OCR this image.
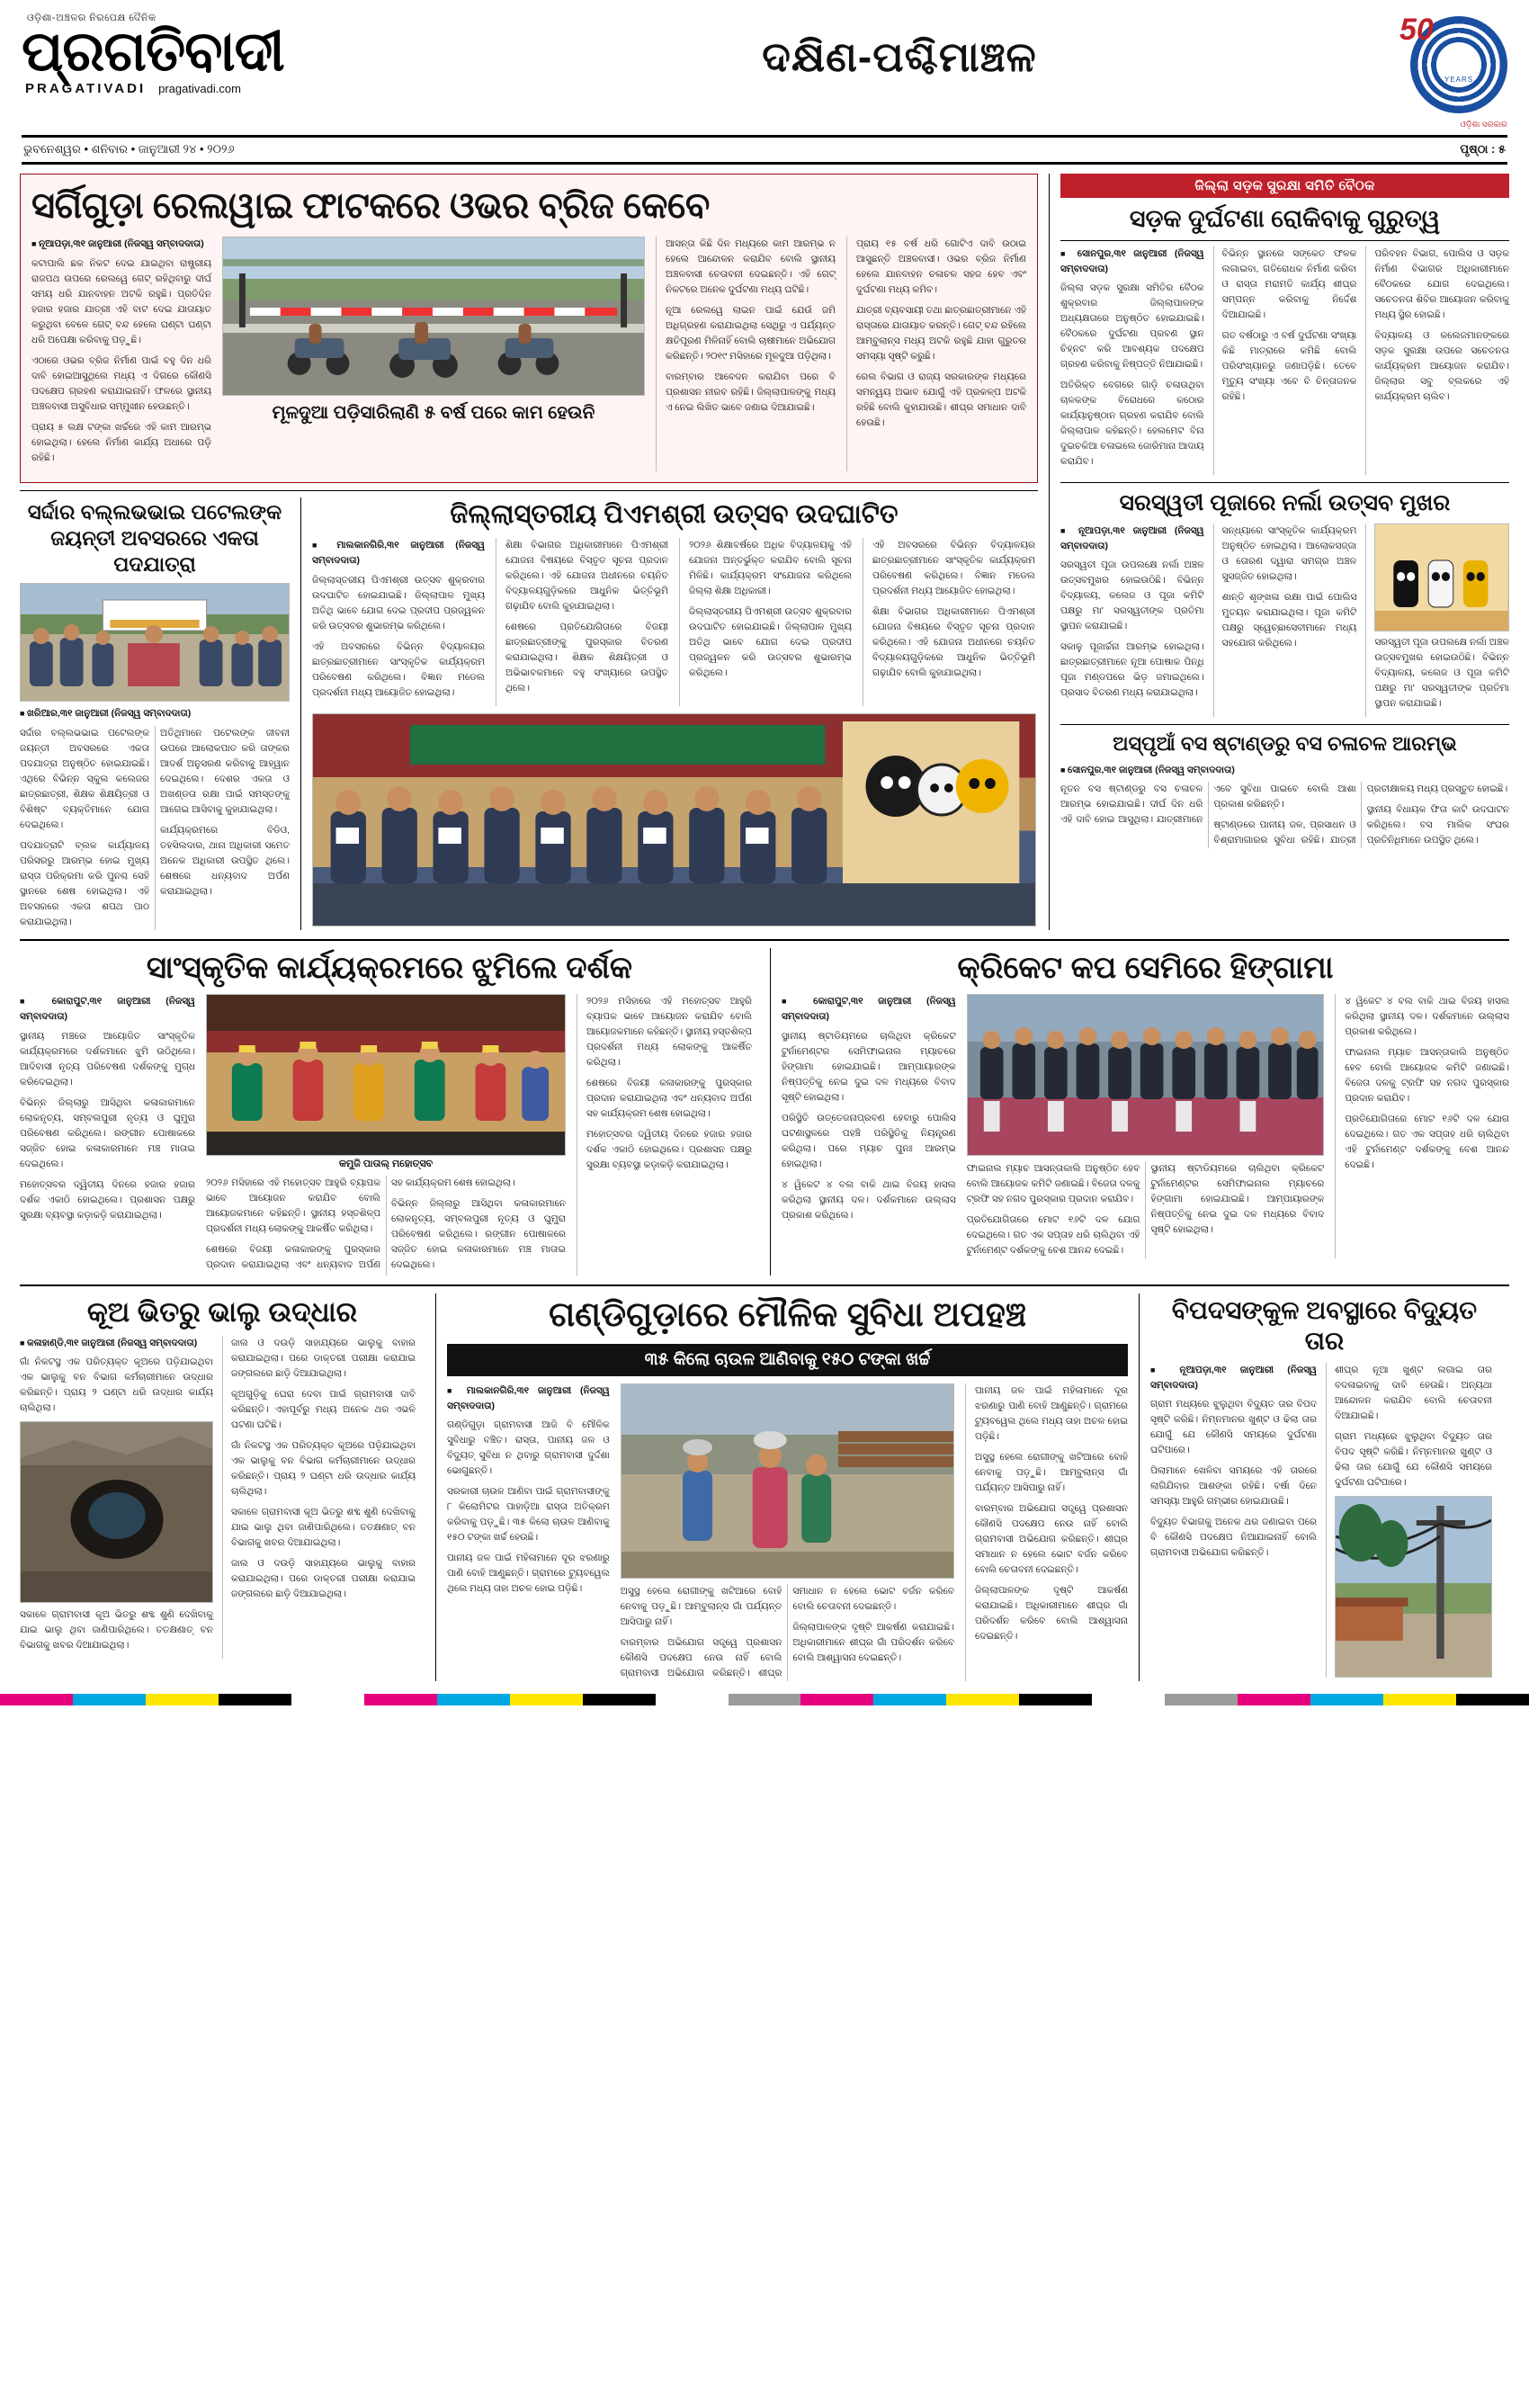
ଓଡ଼ିଶା-ଅଞ୍ଚଳର ନିରପେକ୍ଷ ଦୈନିକ
ପ୍ରଗତିବାଦୀ
PRAGATIVADI pragativadi.com
ଦକ୍ଷିଣ-ପଶ୍ଚିମାଞ୍ଚଳ
50
YEARS
ଓଡ଼ିଶା ସରକାର
ଭୁବନେଶ୍ୱର • ଶନିବାର • ଜାନୁଆରୀ ୨୪ • ୨୦୨୬	ପୃଷ୍ଠା : ୫
ସର୍ଗିଗୁଡ଼ା ରେଲୱାଇ ଫାଟକରେ ଓଭର ବ୍ରିଜ କେବେ
■ ନୂଆପଡ଼ା,୩୧ ଜାନୁଆରୀ (ନିଜସ୍ୱ ସମ୍ବାଦଦାତା)

କଟାପାଲି ଛକ ନିକଟ ଦେଇ ଯାଇଥିବା ରାଷ୍ଟ୍ରୀୟ ରାଜପଥ ଉପରେ ରେଲୱେ ଗେଟ୍ ରହିଥିବାରୁ ଦୀର୍ଘ ସମୟ ଧରି ଯାନବାହନ ଅଟକି ରହୁଛି। ପ୍ରତିଦିନ ହଜାର ହଜାର ଯାତ୍ରୀ ଏହି ବାଟ ଦେଇ ଯାତାୟାତ କରୁଥିବା ବେଳେ ଗେଟ୍ ବନ୍ଦ ହେଲେ ଘଣ୍ଟା ଘଣ୍ଟା ଧରି ଅପେକ୍ଷା କରିବାକୁ ପଡ଼ୁଛି।

ଏଠାରେ ଓଭର ବ୍ରିଜ ନିର୍ମାଣ ପାଇଁ ବହୁ ଦିନ ଧରି ଦାବି ହୋଇଆସୁଥିଲେ ମଧ୍ୟ ଏ ଦିଗରେ କୌଣସି ପଦକ୍ଷେପ ଗ୍ରହଣ କରାଯାଇନାହିଁ। ଫଳରେ ସ୍ଥାନୀୟ ଅଞ୍ଚଳବାସୀ ଅସୁବିଧାର ସମ୍ମୁଖୀନ ହେଉଛନ୍ତି।

ପ୍ରାୟ ୫ ଲକ୍ଷ ଟଙ୍କା ଖର୍ଚ୍ଚରେ ଏହି କାମ ଆରମ୍ଭ ହୋଇଥିଲା। ହେଲେ ନିର୍ମାଣ କାର୍ଯ୍ୟ ଅଧାରେ ପଡ଼ି ରହିଛି।

ମୂଳଦୁଆ ପଡ଼ିସାରିଲାଣି ୫ ବର୍ଷ ପରେ କାମ ହେଉନି

ଆସନ୍ତା କିଛି ଦିନ ମଧ୍ୟରେ କାମ ଆରମ୍ଭ ନ ହେଲେ ଆନ୍ଦୋଳନ କରାଯିବ ବୋଲି ସ୍ଥାନୀୟ ଅଞ୍ଚଳବାସୀ ଚେତାବନୀ ଦେଇଛନ୍ତି। ଏହି ଗେଟ୍ ନିକଟରେ ଅନେକ ଦୁର୍ଘଟଣା ମଧ୍ୟ ଘଟିଛି।

ନୂଆ ରେଲୱେ ଲାଇନ ପାଇଁ ଯେଉଁ ଜମି ଅଧିଗ୍ରହଣ କରାଯାଇଥିଲା ସେଥିରୁ ଏ ପର୍ଯ୍ୟନ୍ତ କ୍ଷତିପୂରଣ ମିଳିନାହିଁ ବୋଲି ଚାଷୀମାନେ ଅଭିଯୋଗ କରିଛନ୍ତି। ୨୦୧୯ ମସିହାରେ ମୂଳଦୁଆ ପଡ଼ିଥିଲା।

ବାରମ୍ବାର ଆବେଦନ କରାଯିବା ପରେ ବି ପ୍ରଶାସନ ନୀରବ ରହିଛି। ଜିଲ୍ଲାପାଳଙ୍କୁ ମଧ୍ୟ ଏ ନେଇ ଲିଖିତ ଭାବେ ଜଣାଇ ଦିଆଯାଇଛି।

ପ୍ରାୟ ୧୫ ବର୍ଷ ଧରି ଗୋଟିଏ ଦାବି ଉଠାଇ ଆସୁଛନ୍ତି ଅଞ୍ଚଳବାସୀ। ଓଭର ବ୍ରିଜ ନିର୍ମାଣ ହେଲେ ଯାନବାହନ ଚଳାଚଳ ସହଜ ହେବ ଏବଂ ଦୁର୍ଘଟଣା ମଧ୍ୟ କମିବ।

ଯାତ୍ରୀ ବ୍ୟବସାୟୀ ତଥା ଛାତ୍ରଛାତ୍ରୀମାନେ ଏହି ରାସ୍ତାରେ ଯାତାୟାତ କରନ୍ତି। ଗେଟ୍ ବନ୍ଦ ରହିଲେ ଆମ୍ବୁଲାନ୍ସ ମଧ୍ୟ ଅଟକି ରହୁଛି ଯାହା ଗୁରୁତର ସମସ୍ୟା ସୃଷ୍ଟି କରୁଛି।

ରେଲ ବିଭାଗ ଓ ରାଜ୍ୟ ସରକାରଙ୍କ ମଧ୍ୟରେ ସମନ୍ୱୟ ଅଭାବ ଯୋଗୁଁ ଏହି ପ୍ରକଳ୍ପ ଅଟକି ରହିଛି ବୋଲି କୁହାଯାଉଛି। ଶୀଘ୍ର ସମାଧାନ ଦାବି ହେଉଛି।

ସର୍ଦ୍ଦାର ବଲ୍ଲଭଭାଇ ପଟେଲଙ୍କ ଜୟନ୍ତୀ ଅବସରରେ ଏକତା ପଦଯାତ୍ରା
■ ଖରିଆର,୩୧ ଜାନୁଆରୀ (ନିଜସ୍ୱ ସମ୍ବାଦଦାତା)

ସର୍ଦ୍ଦାର ବଲ୍ଲଭଭାଇ ପଟେଲଙ୍କ ଜୟନ୍ତୀ ଅବସରରେ ଏକତା ପଦଯାତ୍ରା ଅନୁଷ୍ଠିତ ହୋଇଯାଇଛି। ଏଥିରେ ବିଭିନ୍ନ ସ୍କୁଲ କଲେଜର ଛାତ୍ରଛାତ୍ରୀ, ଶିକ୍ଷକ ଶିକ୍ଷୟିତ୍ରୀ ଓ ବିଶିଷ୍ଟ ବ୍ୟକ୍ତିମାନେ ଯୋଗ ଦେଇଥିଲେ।

ପଦଯାତ୍ରାଟି ବ୍ଲକ କାର୍ଯ୍ୟାଳୟ ପରିସରରୁ ଆରମ୍ଭ ହୋଇ ମୁଖ୍ୟ ରାସ୍ତା ପରିକ୍ରମା କରି ପୁନଶ୍ଚ ସେହି ସ୍ଥାନରେ ଶେଷ ହୋଇଥିଲା। ଏହି ଅବସରରେ ଏକତା ଶପଥ ପାଠ କରାଯାଇଥିଲା।

ଅତିଥିମାନେ ପଟେଲଙ୍କ ଜୀବନୀ ଉପରେ ଆଲୋକପାତ କରି ତାଙ୍କର ଆଦର୍ଶ ଅନୁସରଣ କରିବାକୁ ଆହ୍ୱାନ ଦେଇଥିଲେ। ଦେଶର ଏକତା ଓ ଅଖଣ୍ଡତା ରକ୍ଷା ପାଇଁ ସମସ୍ତଙ୍କୁ ଆଗେଇ ଆସିବାକୁ କୁହାଯାଇଥିଲା।

କାର୍ଯ୍ୟକ୍ରମରେ ବିଡିଓ, ତହସିଲଦାର, ଥାନା ଅଧିକାରୀ ସମେତ ଅନେକ ଅଧିକାରୀ ଉପସ୍ଥିତ ଥିଲେ। ଶେଷରେ ଧନ୍ୟବାଦ ଅର୍ପଣ କରାଯାଇଥିଲା।

ଜିଲ୍ଲାସ୍ତରୀୟ ପିଏମଶ୍ରୀ ଉତ୍ସବ ଉଦଘାଟିତ
■ ମାଲକାନଗିରି,୩୧ ଜାନୁଆରୀ (ନିଜସ୍ୱ ସମ୍ବାଦଦାତା)

ଜିଲ୍ଲାସ୍ତରୀୟ ପିଏମଶ୍ରୀ ଉତ୍ସବ ଶୁକ୍ରବାର ଉଦଘାଟିତ ହୋଇଯାଇଛି। ଜିଲ୍ଲାପାଳ ମୁଖ୍ୟ ଅତିଥି ଭାବେ ଯୋଗ ଦେଇ ପ୍ରଦୀପ ପ୍ରଜ୍ୱଳନ କରି ଉତ୍ସବର ଶୁଭାରମ୍ଭ କରିଥିଲେ।

ଏହି ଅବସରରେ ବିଭିନ୍ନ ବିଦ୍ୟାଳୟର ଛାତ୍ରଛାତ୍ରୀମାନେ ସାଂସ୍କୃତିକ କାର୍ଯ୍ୟକ୍ରମ ପରିବେଷଣ କରିଥିଲେ। ବିଜ୍ଞାନ ମଡେଲ ପ୍ରଦର୍ଶନୀ ମଧ୍ୟ ଆୟୋଜିତ ହୋଇଥିଲା।

ଶିକ୍ଷା ବିଭାଗର ଅଧିକାରୀମାନେ ପିଏମଶ୍ରୀ ଯୋଜନା ବିଷୟରେ ବିସ୍ତୃତ ସୂଚନା ପ୍ରଦାନ କରିଥିଲେ। ଏହି ଯୋଜନା ଅଧୀନରେ ଚୟନିତ ବିଦ୍ୟାଳୟଗୁଡ଼ିକରେ ଆଧୁନିକ ଭିତ୍ତିଭୂମି ଗଢ଼ାଯିବ ବୋଲି କୁହାଯାଇଥିଲା।

ଶେଷରେ ପ୍ରତିଯୋଗିତାରେ ବିଜୟୀ ଛାତ୍ରଛାତ୍ରୀଙ୍କୁ ପୁରସ୍କାର ବିତରଣ କରାଯାଇଥିଲା। ଶିକ୍ଷକ ଶିକ୍ଷୟିତ୍ରୀ ଓ ଅଭିଭାବକମାନେ ବହୁ ସଂଖ୍ୟାରେ ଉପସ୍ଥିତ ଥିଲେ।

୨୦୨୬ ଶିକ୍ଷାବର୍ଷରେ ଅଧିକ ବିଦ୍ୟାଳୟକୁ ଏହି ଯୋଜନା ଅନ୍ତର୍ଭୁକ୍ତ କରାଯିବ ବୋଲି ସୂଚନା ମିଳିଛି। କାର୍ଯ୍ୟକ୍ରମ ସଂଯୋଜନା କରିଥିଲେ ଜିଲ୍ଲା ଶିକ୍ଷା ଅଧିକାରୀ।

ଜିଲ୍ଲାସ୍ତରୀୟ ପିଏମଶ୍ରୀ ଉତ୍ସବ ଶୁକ୍ରବାର ଉଦଘାଟିତ ହୋଇଯାଇଛି। ଜିଲ୍ଲାପାଳ ମୁଖ୍ୟ ଅତିଥି ଭାବେ ଯୋଗ ଦେଇ ପ୍ରଦୀପ ପ୍ରଜ୍ୱଳନ କରି ଉତ୍ସବର ଶୁଭାରମ୍ଭ କରିଥିଲେ।

ଏହି ଅବସରରେ ବିଭିନ୍ନ ବିଦ୍ୟାଳୟର ଛାତ୍ରଛାତ୍ରୀମାନେ ସାଂସ୍କୃତିକ କାର୍ଯ୍ୟକ୍ରମ ପରିବେଷଣ କରିଥିଲେ। ବିଜ୍ଞାନ ମଡେଲ ପ୍ରଦର୍ଶନୀ ମଧ୍ୟ ଆୟୋଜିତ ହୋଇଥିଲା।

ଶିକ୍ଷା ବିଭାଗର ଅଧିକାରୀମାନେ ପିଏମଶ୍ରୀ ଯୋଜନା ବିଷୟରେ ବିସ୍ତୃତ ସୂଚନା ପ୍ରଦାନ କରିଥିଲେ। ଏହି ଯୋଜନା ଅଧୀନରେ ଚୟନିତ ବିଦ୍ୟାଳୟଗୁଡ଼ିକରେ ଆଧୁନିକ ଭିତ୍ତିଭୂମି ଗଢ଼ାଯିବ ବୋଲି କୁହାଯାଇଥିଲା।

ଜିଲ୍ଲା ସଡ଼କ ସୁରକ୍ଷା ସମିତି ବୈଠକ
ସଡ଼କ ଦୁର୍ଘଟଣା ରୋକିବାକୁ ଗୁରୁତ୍ୱ
■ ସୋନପୁର,୩୧ ଜାନୁଆରୀ (ନିଜସ୍ୱ ସମ୍ବାଦଦାତା)

ଜିଲ୍ଲା ସଡ଼କ ସୁରକ୍ଷା ସମିତିର ବୈଠକ ଶୁକ୍ରବାର ଜିଲ୍ଲାପାଳଙ୍କ ଅଧ୍ୟକ୍ଷତାରେ ଅନୁଷ୍ଠିତ ହୋଇଯାଇଛି। ବୈଠକରେ ଦୁର୍ଘଟଣା ପ୍ରବଣ ସ୍ଥାନ ଚିହ୍ନଟ କରି ଆବଶ୍ୟକ ପଦକ୍ଷେପ ଗ୍ରହଣ କରିବାକୁ ନିଷ୍ପତ୍ତି ନିଆଯାଇଛି।

ଅତିରିକ୍ତ ବେଗରେ ଗାଡ଼ି ଚଳାଉଥିବା ଚାଳକଙ୍କ ବିରୋଧରେ କଠୋର କାର୍ଯ୍ୟାନୁଷ୍ଠାନ ଗ୍ରହଣ କରାଯିବ ବୋଲି ଜିଲ୍ଲାପାଳ କହିଛନ୍ତି। ହେଲମେଟ ବିନା ଦୁଇଚକିଆ ଚଳାଇଲେ ଜୋରିମାନା ଆଦାୟ କରାଯିବ।

ବିଭିନ୍ନ ସ୍ଥାନରେ ସଙ୍କେତ ଫଳକ ଲଗାଇବା, ଗତିରୋଧକ ନିର୍ମାଣ କରିବା ଓ ରାସ୍ତା ମରାମତି କାର୍ଯ୍ୟ ଶୀଘ୍ର ସମ୍ପନ୍ନ କରିବାକୁ ନିର୍ଦ୍ଦେଶ ଦିଆଯାଇଛି।

ଗତ ବର୍ଷଠାରୁ ଏ ବର୍ଷ ଦୁର୍ଘଟଣା ସଂଖ୍ୟା କିଛି ମାତ୍ରାରେ କମିଛି ବୋଲି ପରିସଂଖ୍ୟାନରୁ ଜଣାପଡ଼ିଛି। ତେବେ ମୃତ୍ୟୁ ସଂଖ୍ୟା ଏବେ ବି ଚିନ୍ତାଜନକ ରହିଛି।

ପରିବହନ ବିଭାଗ, ପୋଲିସ ଓ ସଡ଼କ ନିର୍ମାଣ ବିଭାଗର ଅଧିକାରୀମାନେ ବୈଠକରେ ଯୋଗ ଦେଇଥିଲେ। ସଚେତନତା ଶିବିର ଆୟୋଜନ କରିବାକୁ ମଧ୍ୟ ସ୍ଥିର ହୋଇଛି।

ବିଦ୍ୟାଳୟ ଓ କଲେଜମାନଙ୍କରେ ସଡ଼କ ସୁରକ୍ଷା ଉପରେ ସଚେତନତା କାର୍ଯ୍ୟକ୍ରମ ଆୟୋଜନ କରାଯିବ। ଜିଲ୍ଲାର ସବୁ ବ୍ଲକରେ ଏହି କାର୍ଯ୍ୟକ୍ରମ ଚାଲିବ।

ସରସ୍ୱତୀ ପୂଜାରେ ନର୍ଲା ଉତ୍ସବ ମୁଖର
■ ନୂଆପଡ଼ା,୩୧ ଜାନୁଆରୀ (ନିଜସ୍ୱ ସମ୍ବାଦଦାତା)

ସରସ୍ୱତୀ ପୂଜା ଉପଲକ୍ଷେ ନର୍ଲା ଅଞ୍ଚଳ ଉତ୍ସବମୁଖର ହୋଇଉଠିଛି। ବିଭିନ୍ନ ବିଦ୍ୟାଳୟ, କଲେଜ ଓ ପୂଜା କମିଟି ପକ୍ଷରୁ ମା' ସରସ୍ୱତୀଙ୍କ ପ୍ରତିମା ସ୍ଥାପନ କରାଯାଇଛି।

ସକାଳୁ ପୂଜାର୍ଚ୍ଚନା ଆରମ୍ଭ ହୋଇଥିଲା। ଛାତ୍ରଛାତ୍ରୀମାନେ ନୂଆ ପୋଷାକ ପିନ୍ଧି ପୂଜା ମଣ୍ଡପରେ ଭିଡ଼ ଜମାଇଥିଲେ। ପ୍ରସାଦ ବିତରଣ ମଧ୍ୟ କରାଯାଇଥିଲା।

ସନ୍ଧ୍ୟାରେ ସାଂସ୍କୃତିକ କାର୍ଯ୍ୟକ୍ରମ ଅନୁଷ୍ଠିତ ହୋଇଥିଲା। ଆଲୋକସଜ୍ଜା ଓ ତୋରଣ ଦ୍ୱାରା ସମଗ୍ର ଅଞ୍ଚଳ ସୁସଜ୍ଜିତ ହୋଇଥିଲା।

ଶାନ୍ତି ଶୃଙ୍ଖଳା ରକ୍ଷା ପାଇଁ ପୋଲିସ ମୁତୟନ କରାଯାଇଥିଲା। ପୂଜା କମିଟି ପକ୍ଷରୁ ସ୍ୱେଚ୍ଛାସେବୀମାନେ ମଧ୍ୟ ସହଯୋଗ କରିଥିଲେ।	ସରସ୍ୱତୀ ପୂଜା ଉପଲକ୍ଷେ ନର୍ଲା ଅଞ୍ଚଳ ଉତ୍ସବମୁଖର ହୋଇଉଠିଛି। ବିଭିନ୍ନ ବିଦ୍ୟାଳୟ, କଲେଜ ଓ ପୂଜା କମିଟି ପକ୍ଷରୁ ମା' ସରସ୍ୱତୀଙ୍କ ପ୍ରତିମା ସ୍ଥାପନ କରାଯାଇଛି।

ଅସ୍ପୃଆଁ ବସ ଷ୍ଟାଣ୍ଡରୁ ବସ ଚଳାଚଳ ଆରମ୍ଭ
■ ସୋନପୁର,୩୧ ଜାନୁଆରୀ (ନିଜସ୍ୱ ସମ୍ବାଦଦାତା)

ନୂତନ ବସ ଷ୍ଟାଣ୍ଡରୁ ବସ ଚଳାଚଳ ଆରମ୍ଭ ହୋଇଯାଇଛି। ଦୀର୍ଘ ଦିନ ଧରି ଏହି ଦାବି ହୋଇ ଆସୁଥିଲା। ଯାତ୍ରୀମାନେ ଏବେ ସୁବିଧା ପାଇବେ ବୋଲି ଆଶା ପ୍ରକାଶ କରିଛନ୍ତି।

ଷ୍ଟାଣ୍ଡରେ ପାନୀୟ ଜଳ, ପ୍ରସାଧନ ଓ ବିଶ୍ରାମାଗାରର ସୁବିଧା ରହିଛି। ଯାତ୍ରୀ ପ୍ରତୀକ୍ଷାଳୟ ମଧ୍ୟ ପ୍ରସ୍ତୁତ ହୋଇଛି।

ସ୍ଥାନୀୟ ବିଧାୟକ ଫିତା କାଟି ଉଦଘାଟନ କରିଥିଲେ। ବସ ମାଲିକ ସଂଘର ପ୍ରତିନିଧିମାନେ ଉପସ୍ଥିତ ଥିଲେ।

ସାଂସ୍କୃତିକ କାର୍ଯ୍ୟକ୍ରମରେ ଝୁମିଲେ ଦର୍ଶକ
■ କୋରାପୁଟ,୩୧ ଜାନୁଆରୀ (ନିଜସ୍ୱ ସମ୍ବାଦଦାତା)

ସ୍ଥାନୀୟ ମଞ୍ଚରେ ଆୟୋଜିତ ସାଂସ୍କୃତିକ କାର୍ଯ୍ୟକ୍ରମରେ ଦର୍ଶକମାନେ ଝୁମି ଉଠିଥିଲେ। ଆଦିବାସୀ ନୃତ୍ୟ ପରିବେଷଣ ଦର୍ଶକଙ୍କୁ ମୁଗ୍ଧ କରିଦେଇଥିଲା।

ବିଭିନ୍ନ ଜିଲ୍ଲାରୁ ଆସିଥିବା କଳାକାରମାନେ ଲୋକନୃତ୍ୟ, ସମ୍ବଲପୁରୀ ନୃତ୍ୟ ଓ ଘୁମୁରା ପରିବେଷଣ କରିଥିଲେ। ରଙ୍ଗୀନ ପୋଷାକରେ ସଜ୍ଜିତ ହୋଇ କଳାକାରମାନେ ମଞ୍ଚ ମାତାଇ ଦେଇଥିଲେ।

ମହୋତ୍ସବର ଦ୍ୱିତୀୟ ଦିନରେ ହଜାର ହଜାର ଦର୍ଶକ ଏକାଠି ହୋଇଥିଲେ। ପ୍ରଶାସନ ପକ୍ଷରୁ ସୁରକ୍ଷା ବ୍ୟବସ୍ଥା କଡ଼ାକଡ଼ି କରାଯାଇଥିଲା।

କମୁଜି ପାତାଲ୍‌ ମହୋତ୍ସବ

୨୦୨୬ ମସିହାରେ ଏହି ମହୋତ୍ସବ ଆହୁରି ବ୍ୟାପକ ଭାବେ ଆୟୋଜନ କରାଯିବ ବୋଲି ଆୟୋଜକମାନେ କହିଛନ୍ତି। ସ୍ଥାନୀୟ ହସ୍ତଶିଳ୍ପ ପ୍ରଦର୍ଶନୀ ମଧ୍ୟ ଲୋକଙ୍କୁ ଆକର୍ଷିତ କରିଥିଲା।

ଶେଷରେ ବିଜୟୀ କଳାକାରଙ୍କୁ ପୁରସ୍କାର ପ୍ରଦାନ କରାଯାଇଥିଲା ଏବଂ ଧନ୍ୟବାଦ ଅର୍ପଣ ସହ କାର୍ଯ୍ୟକ୍ରମ ଶେଷ ହୋଇଥିଲା।

ବିଭିନ୍ନ ଜିଲ୍ଲାରୁ ଆସିଥିବା କଳାକାରମାନେ ଲୋକନୃତ୍ୟ, ସମ୍ବଲପୁରୀ ନୃତ୍ୟ ଓ ଘୁମୁରା ପରିବେଷଣ କରିଥିଲେ। ରଙ୍ଗୀନ ପୋଷାକରେ ସଜ୍ଜିତ ହୋଇ କଳାକାରମାନେ ମଞ୍ଚ ମାତାଇ ଦେଇଥିଲେ।

୨୦୨୬ ମସିହାରେ ଏହି ମହୋତ୍ସବ ଆହୁରି ବ୍ୟାପକ ଭାବେ ଆୟୋଜନ କରାଯିବ ବୋଲି ଆୟୋଜକମାନେ କହିଛନ୍ତି। ସ୍ଥାନୀୟ ହସ୍ତଶିଳ୍ପ ପ୍ରଦର୍ଶନୀ ମଧ୍ୟ ଲୋକଙ୍କୁ ଆକର୍ଷିତ କରିଥିଲା।

ଶେଷରେ ବିଜୟୀ କଳାକାରଙ୍କୁ ପୁରସ୍କାର ପ୍ରଦାନ କରାଯାଇଥିଲା ଏବଂ ଧନ୍ୟବାଦ ଅର୍ପଣ ସହ କାର୍ଯ୍ୟକ୍ରମ ଶେଷ ହୋଇଥିଲା।

ମହୋତ୍ସବର ଦ୍ୱିତୀୟ ଦିନରେ ହଜାର ହଜାର ଦର୍ଶକ ଏକାଠି ହୋଇଥିଲେ। ପ୍ରଶାସନ ପକ୍ଷରୁ ସୁରକ୍ଷା ବ୍ୟବସ୍ଥା କଡ଼ାକଡ଼ି କରାଯାଇଥିଲା।

କ୍ରିକେଟ କପ ସେମିରେ ହିଙ୍ଗାମା
■ କୋରାପୁଟ,୩୧ ଜାନୁଆରୀ (ନିଜସ୍ୱ ସମ୍ବାଦଦାତା)

ସ୍ଥାନୀୟ ଷ୍ଟାଡିୟମରେ ଚାଲିଥିବା କ୍ରିକେଟ ଟୁର୍ନାମେଣ୍ଟର ସେମିଫାଇନାଲ ମ୍ୟାଚରେ ହିଙ୍ଗାମା ହୋଇଯାଇଛି। ଆମ୍ପାୟାରଙ୍କ ନିଷ୍ପତ୍ତିକୁ ନେଇ ଦୁଇ ଦଳ ମଧ୍ୟରେ ବିବାଦ ସୃଷ୍ଟି ହୋଇଥିଲା।

ପରିସ୍ଥିତି ଉତ୍ତେଜନାପ୍ରବଣ ହେବାରୁ ପୋଲିସ ଘଟଣାସ୍ଥଳରେ ପହଞ୍ଚି ପରିସ୍ଥିତିକୁ ନିୟନ୍ତ୍ରଣ କରିଥିଲା। ପରେ ମ୍ୟାଚ ପୁନଃ ଆରମ୍ଭ ହୋଇଥିଲା।

୪ ୱିକେଟ ୪ ବଲ ବାକି ଥାଇ ବିଜୟ ହାସଲ କରିଥିଲା ସ୍ଥାନୀୟ ଦଳ। ଦର୍ଶକମାନେ ଉଲ୍ଲାସ ପ୍ରକାଶ କରିଥିଲେ।

ଫାଇନାଲ ମ୍ୟାଚ ଆସନ୍ତାକାଲି ଅନୁଷ୍ଠିତ ହେବ ବୋଲି ଆୟୋଜକ କମିଟି ଜଣାଇଛି। ବିଜେତା ଦଳକୁ ଟ୍ରଫି ସହ ନଗଦ ପୁରସ୍କାର ପ୍ରଦାନ କରାଯିବ।

ପ୍ରତିଯୋଗିତାରେ ମୋଟ ୧୬ଟି ଦଳ ଯୋଗ ଦେଇଥିଲେ। ଗତ ଏକ ସପ୍ତାହ ଧରି ଚାଲିଥିବା ଏହି ଟୁର୍ନାମେଣ୍ଟ ଦର୍ଶକଙ୍କୁ ବେଶ ଆନନ୍ଦ ଦେଇଛି।

ସ୍ଥାନୀୟ ଷ୍ଟାଡିୟମରେ ଚାଲିଥିବା କ୍ରିକେଟ ଟୁର୍ନାମେଣ୍ଟର ସେମିଫାଇନାଲ ମ୍ୟାଚରେ ହିଙ୍ଗାମା ହୋଇଯାଇଛି। ଆମ୍ପାୟାରଙ୍କ ନିଷ୍ପତ୍ତିକୁ ନେଇ ଦୁଇ ଦଳ ମଧ୍ୟରେ ବିବାଦ ସୃଷ୍ଟି ହୋଇଥିଲା।

୪ ୱିକେଟ ୪ ବଲ ବାକି ଥାଇ ବିଜୟ ହାସଲ କରିଥିଲା ସ୍ଥାନୀୟ ଦଳ। ଦର୍ଶକମାନେ ଉଲ୍ଲାସ ପ୍ରକାଶ କରିଥିଲେ।

ଫାଇନାଲ ମ୍ୟାଚ ଆସନ୍ତାକାଲି ଅନୁଷ୍ଠିତ ହେବ ବୋଲି ଆୟୋଜକ କମିଟି ଜଣାଇଛି। ବିଜେତା ଦଳକୁ ଟ୍ରଫି ସହ ନଗଦ ପୁରସ୍କାର ପ୍ରଦାନ କରାଯିବ।

ପ୍ରତିଯୋଗିତାରେ ମୋଟ ୧୬ଟି ଦଳ ଯୋଗ ଦେଇଥିଲେ। ଗତ ଏକ ସପ୍ତାହ ଧରି ଚାଲିଥିବା ଏହି ଟୁର୍ନାମେଣ୍ଟ ଦର୍ଶକଙ୍କୁ ବେଶ ଆନନ୍ଦ ଦେଇଛି।

କୂଅ ଭିତରୁ ଭାଲୁ ଉଦ୍ଧାର
■ କଳାହାଣ୍ଡି,୩୧ ଜାନୁଆରୀ (ନିଜସ୍ୱ ସମ୍ବାଦଦାତା)

ଗାଁ ନିକଟସ୍ଥ ଏକ ପରିତ୍ୟକ୍ତ କୂଅରେ ପଡ଼ିଯାଇଥିବା ଏକ ଭାଲୁକୁ ବନ ବିଭାଗ କର୍ମଚାରୀମାନେ ଉଦ୍ଧାର କରିଛନ୍ତି। ପ୍ରାୟ ୨ ଘଣ୍ଟା ଧରି ଉଦ୍ଧାର କାର୍ଯ୍ୟ ଚାଲିଥିଲା।

ସକାଳେ ଗ୍ରାମବାସୀ କୂଅ ଭିତରୁ ଶବ୍ଦ ଶୁଣି ଦେଖିବାକୁ ଯାଇ ଭାଲୁ ଥିବା ଜାଣିପାରିଥିଲେ। ତତକ୍ଷଣାତ୍ ବନ ବିଭାଗକୁ ଖବର ଦିଆଯାଇଥିଲା।

ଜାଲ ଓ ଦଉଡ଼ି ସାହାଯ୍ୟରେ ଭାଲୁକୁ ବାହାର କରାଯାଇଥିଲା। ପରେ ଡାକ୍ତରୀ ପରୀକ୍ଷା କରାଯାଇ ଜଙ୍ଗଲରେ ଛାଡ଼ି ଦିଆଯାଇଥିଲା।

କୂଅଗୁଡ଼ିକୁ ଘେରା ଦେବା ପାଇଁ ଗ୍ରାମବାସୀ ଦାବି କରିଛନ୍ତି। ଏହାପୂର୍ବରୁ ମଧ୍ୟ ଅନେକ ଥର ଏଭଳି ଘଟଣା ଘଟିଛି।

ଗାଁ ନିକଟସ୍ଥ ଏକ ପରିତ୍ୟକ୍ତ କୂଅରେ ପଡ଼ିଯାଇଥିବା ଏକ ଭାଲୁକୁ ବନ ବିଭାଗ କର୍ମଚାରୀମାନେ ଉଦ୍ଧାର କରିଛନ୍ତି। ପ୍ରାୟ ୨ ଘଣ୍ଟା ଧରି ଉଦ୍ଧାର କାର୍ଯ୍ୟ ଚାଲିଥିଲା।

ସକାଳେ ଗ୍ରାମବାସୀ କୂଅ ଭିତରୁ ଶବ୍ଦ ଶୁଣି ଦେଖିବାକୁ ଯାଇ ଭାଲୁ ଥିବା ଜାଣିପାରିଥିଲେ। ତତକ୍ଷଣାତ୍ ବନ ବିଭାଗକୁ ଖବର ଦିଆଯାଇଥିଲା।

ଜାଲ ଓ ଦଉଡ଼ି ସାହାଯ୍ୟରେ ଭାଲୁକୁ ବାହାର କରାଯାଇଥିଲା। ପରେ ଡାକ୍ତରୀ ପରୀକ୍ଷା କରାଯାଇ ଜଙ୍ଗଲରେ ଛାଡ଼ି ଦିଆଯାଇଥିଲା।

ଗଣ୍ଡିଗୁଡ଼ାରେ ମୌଳିକ ସୁବିଧା ଅପହଞ୍ଚ
୩୫ କିଲୋ ଚାଉଳ ଆଣିବାକୁ ୧୫୦ ଟଙ୍କା ଖର୍ଚ୍ଚ
■ ମାଲକାନଗିରି,୩୧ ଜାନୁଆରୀ (ନିଜସ୍ୱ ସମ୍ବାଦଦାତା)

ଗଣ୍ଡିଗୁଡ଼ା ଗ୍ରାମବାସୀ ଆଜି ବି ମୌଳିକ ସୁବିଧାରୁ ବଞ୍ଚିତ। ରାସ୍ତା, ପାନୀୟ ଜଳ ଓ ବିଦ୍ୟୁତ୍ ସୁବିଧା ନ ଥିବାରୁ ଗ୍ରାମବାସୀ ଦୁର୍ଦ୍ଦଶା ଭୋଗୁଛନ୍ତି।

ସରକାରୀ ଚାଉଳ ଆଣିବା ପାଇଁ ଗ୍ରାମବାସୀଙ୍କୁ ୮ କିଲୋମିଟର ପାହାଡ଼ିଆ ରାସ୍ତା ଅତିକ୍ରମ କରିବାକୁ ପଡ଼ୁଛି। ୩୫ କିଲୋ ଚାଉଳ ଆଣିବାକୁ ୧୫୦ ଟଙ୍କା ଖର୍ଚ୍ଚ ହେଉଛି।

ପାନୀୟ ଜଳ ପାଇଁ ମହିଳାମାନେ ଦୂର ଝରଣାରୁ ପାଣି ବୋହି ଆଣୁଛନ୍ତି। ଗ୍ରାମରେ ଟ୍ୟୁବୱେଲ ଥିଲେ ମଧ୍ୟ ତାହା ଅଚଳ ହୋଇ ପଡ଼ିଛି।	ଅସୁସ୍ଥ ହେଲେ ରୋଗୀଙ୍କୁ ଖଟିଆରେ ବୋହି ନେବାକୁ ପଡ଼ୁଛି। ଆମ୍ବୁଲାନ୍ସ ଗାଁ ପର୍ଯ୍ୟନ୍ତ ଆସିପାରୁ ନାହିଁ।

ବାରମ୍ବାର ଅଭିଯୋଗ ସତ୍ତ୍ୱେ ପ୍ରଶାସନ କୌଣସି ପଦକ୍ଷେପ ନେଉ ନାହିଁ ବୋଲି ଗ୍ରାମବାସୀ ଅଭିଯୋଗ କରିଛନ୍ତି। ଶୀଘ୍ର ସମାଧାନ ନ ହେଲେ ଭୋଟ ବର୍ଜନ କରିବେ ବୋଲି ଚେତାବନୀ ଦେଇଛନ୍ତି।

ଜିଲ୍ଲାପାଳଙ୍କ ଦୃଷ୍ଟି ଆକର୍ଷଣ କରାଯାଇଛି। ଅଧିକାରୀମାନେ ଶୀଘ୍ର ଗାଁ ପରିଦର୍ଶନ କରିବେ ବୋଲି ଆଶ୍ୱାସନା ଦେଇଛନ୍ତି।

ପାନୀୟ ଜଳ ପାଇଁ ମହିଳାମାନେ ଦୂର ଝରଣାରୁ ପାଣି ବୋହି ଆଣୁଛନ୍ତି। ଗ୍ରାମରେ ଟ୍ୟୁବୱେଲ ଥିଲେ ମଧ୍ୟ ତାହା ଅଚଳ ହୋଇ ପଡ଼ିଛି।

ଅସୁସ୍ଥ ହେଲେ ରୋଗୀଙ୍କୁ ଖଟିଆରେ ବୋହି ନେବାକୁ ପଡ଼ୁଛି। ଆମ୍ବୁଲାନ୍ସ ଗାଁ ପର୍ଯ୍ୟନ୍ତ ଆସିପାରୁ ନାହିଁ।

ବାରମ୍ବାର ଅଭିଯୋଗ ସତ୍ତ୍ୱେ ପ୍ରଶାସନ କୌଣସି ପଦକ୍ଷେପ ନେଉ ନାହିଁ ବୋଲି ଗ୍ରାମବାସୀ ଅଭିଯୋଗ କରିଛନ୍ତି। ଶୀଘ୍ର ସମାଧାନ ନ ହେଲେ ଭୋଟ ବର୍ଜନ କରିବେ ବୋଲି ଚେତାବନୀ ଦେଇଛନ୍ତି।

ଜିଲ୍ଲାପାଳଙ୍କ ଦୃଷ୍ଟି ଆକର୍ଷଣ କରାଯାଇଛି। ଅଧିକାରୀମାନେ ଶୀଘ୍ର ଗାଁ ପରିଦର୍ଶନ କରିବେ ବୋଲି ଆଶ୍ୱାସନା ଦେଇଛନ୍ତି।

ବିପଦସଙ୍କୁଳ ଅବସ୍ଥାରେ ବିଦ୍ୟୁତ ତାର
■ ନୂଆପଡ଼ା,୩୧ ଜାନୁଆରୀ (ନିଜସ୍ୱ ସମ୍ବାଦଦାତା)

ଗ୍ରାମ ମଧ୍ୟରେ ଝୁଲୁଥିବା ବିଦ୍ୟୁତ ତାର ବିପଦ ସୃଷ୍ଟି କରିଛି। ନିମ୍ନମାନର ଖୁଣ୍ଟ ଓ ଢିଲା ତାର ଯୋଗୁଁ ଯେ କୌଣସି ସମୟରେ ଦୁର୍ଘଟଣା ଘଟିପାରେ।

ପିଲାମାନେ ଖେଳିବା ସମୟରେ ଏହି ତାରରେ ଲାଗିଯିବାର ଆଶଙ୍କା ରହିଛି। ବର୍ଷା ଦିନେ ସମସ୍ୟା ଆହୁରି ଗମ୍ଭୀର ହୋଇଯାଉଛି।

ବିଦ୍ୟୁତ ବିଭାଗକୁ ଅନେକ ଥର ଜଣାଇବା ପରେ ବି କୌଣସି ପଦକ୍ଷେପ ନିଆଯାଇନାହିଁ ବୋଲି ଗ୍ରାମବାସୀ ଅଭିଯୋଗ କରିଛନ୍ତି।

ଶୀଘ୍ର ନୂଆ ଖୁଣ୍ଟ ଲଗାଇ ତାର ବଦଳାଇବାକୁ ଦାବି ହେଉଛି। ଅନ୍ୟଥା ଆନ୍ଦୋଳନ କରାଯିବ ବୋଲି ଚେତାବନୀ ଦିଆଯାଇଛି।

ଗ୍ରାମ ମଧ୍ୟରେ ଝୁଲୁଥିବା ବିଦ୍ୟୁତ ତାର ବିପଦ ସୃଷ୍ଟି କରିଛି। ନିମ୍ନମାନର ଖୁଣ୍ଟ ଓ ଢିଲା ତାର ଯୋଗୁଁ ଯେ କୌଣସି ସମୟରେ ଦୁର୍ଘଟଣା ଘଟିପାରେ।
